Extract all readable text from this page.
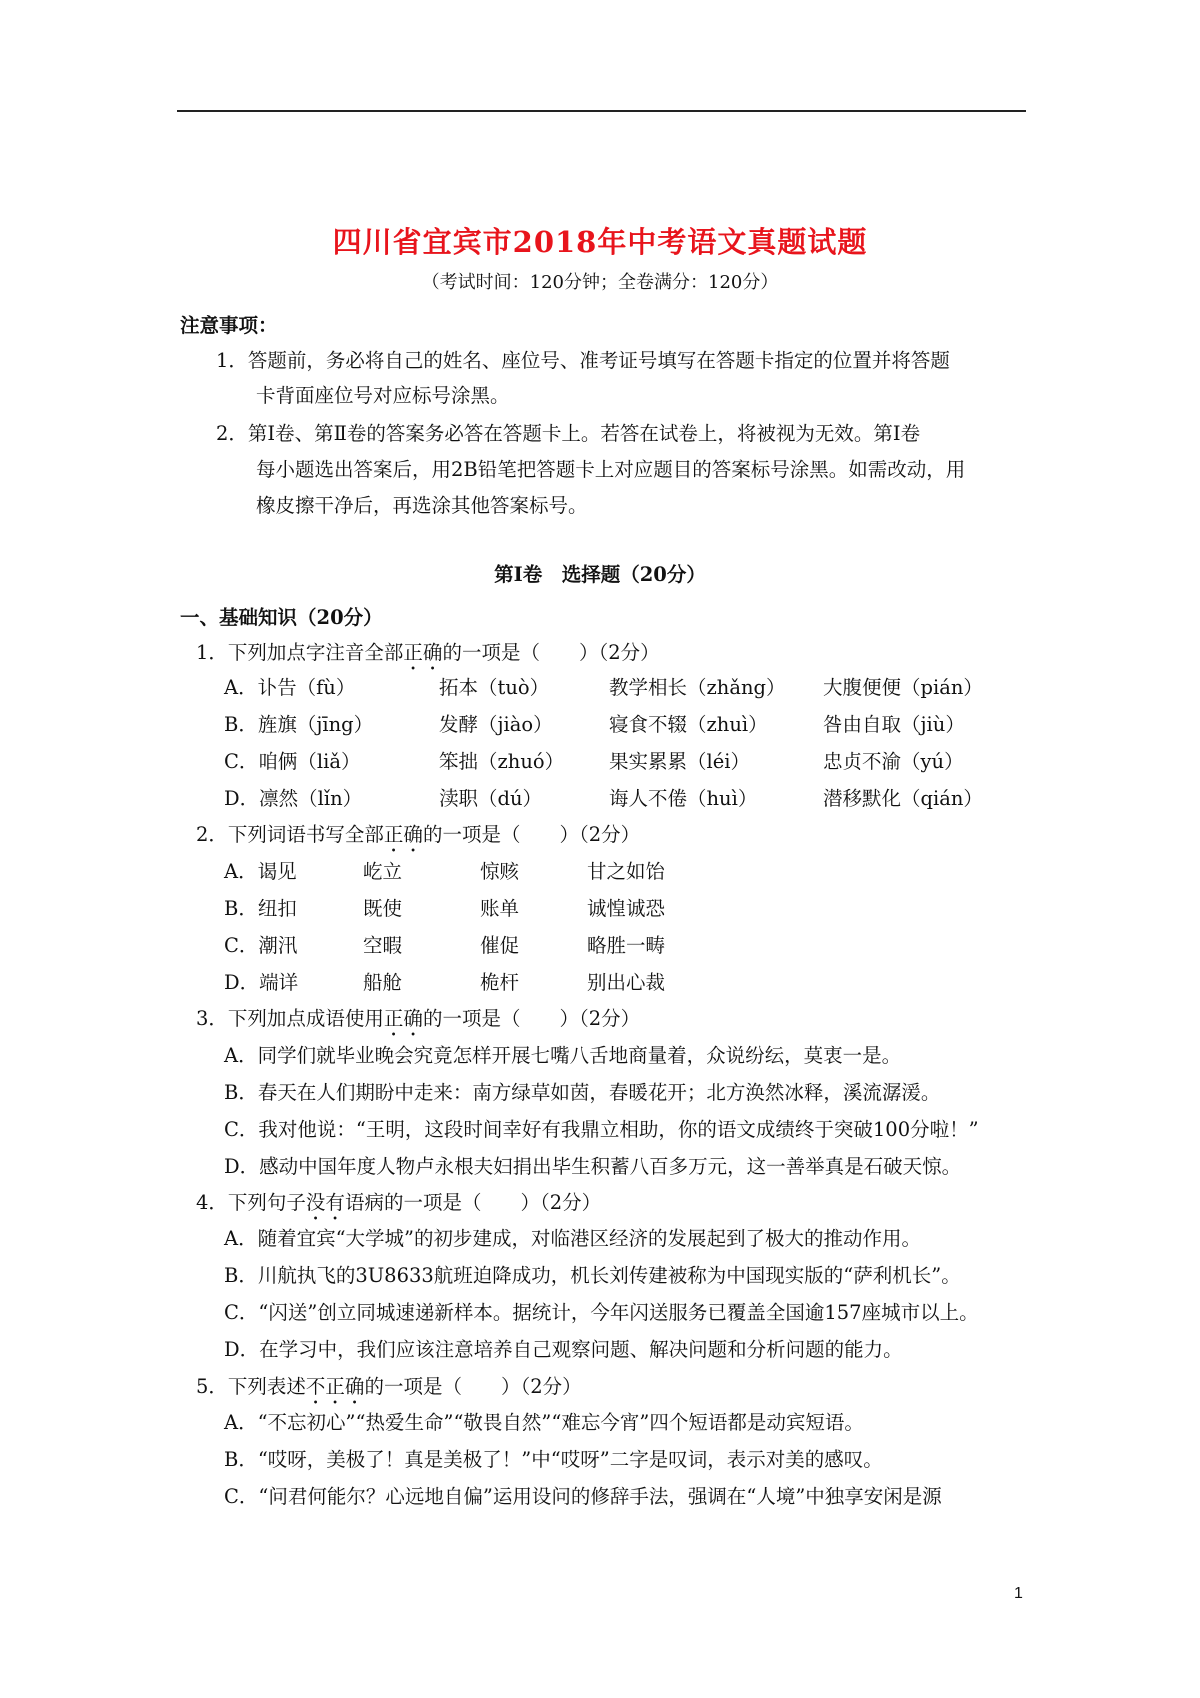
四川省宜宾市2018年中考语文真题试题
（考试时间：120分钟；全卷满分：120分）
注意事项：
1．答题前，务必将自己的姓名、座位号、准考证号填写在答题卡指定的位置并将答题
卡背面座位号对应标号涂黑。
2．第Ⅰ卷、第Ⅱ卷的答案务必答在答题卡上。若答在试卷上，将被视为无效。第Ⅰ卷
每小题选出答案后，用2B铅笔把答题卡上对应题目的答案标号涂黑。如需改动，用
橡皮擦干净后，再选涂其他答案标号。
第Ⅰ卷　选择题（20分）
一、基础知识（20分）
1．下列加点字注音全部正确的一项是（　　）（2分）
A．讣告（fù）	拓本（tuò）	教学相长（zhǎng） 大腹便便（pián）
B．旌旗（jīng）	发酵（jiào）	寝食不辍（zhuì）	咎由自取（jiù）
C．咱俩（liǎ）	笨拙（zhuó） 果实累累（léi）	忠贞不渝（yú）
D．凛然（lǐn）	渎职（dú）	诲人不倦（huì）	潜移默化（qián）
2．下列词语书写全部正确的一项是（　　）（2分）
A．谒见	屹立	惊赅	甘之如饴
B．纽扣	既使	账单	诚惶诚恐
C．潮汛	空暇	催促	略胜一畴
D．端详	船舱	桅杆	别出心裁
3．下列加点成语使用正确的一项是（　　）（2分）
A．同学们就毕业晚会究竟怎样开展七嘴八舌地商量着，众说纷纭，莫衷一是。
B．春天在人们期盼中走来：南方绿草如茵，春暖花开；北方涣然冰释，溪流潺湲。
C．我对他说：“王明，这段时间幸好有我鼎立相助，你的语文成绩终于突破100分啦！”
D．感动中国年度人物卢永根夫妇捐出毕生积蓄八百多万元，这一善举真是石破天惊。
4．下列句子没有语病的一项是（　　）（2分）
A．随着宜宾“大学城”的初步建成，对临港区经济的发展起到了极大的推动作用。
B．川航执飞的3U8633航班迫降成功，机长刘传建被称为中国现实版的“萨利机长”。
C．“闪送”创立同城速递新样本。据统计，今年闪送服务已覆盖全国逾157座城市以上。
D．在学习中，我们应该注意培养自己观察问题、解决问题和分析问题的能力。
5．下列表述不正确的一项是（　　）（2分）
A．“不忘初心”“热爱生命”“敬畏自然”“难忘今宵”四个短语都是动宾短语。
B．“哎呀，美极了！真是美极了！”中“哎呀”二字是叹词，表示对美的感叹。
C．“问君何能尔？心远地自偏”运用设问的修辞手法，强调在“人境”中独享安闲是源
1
